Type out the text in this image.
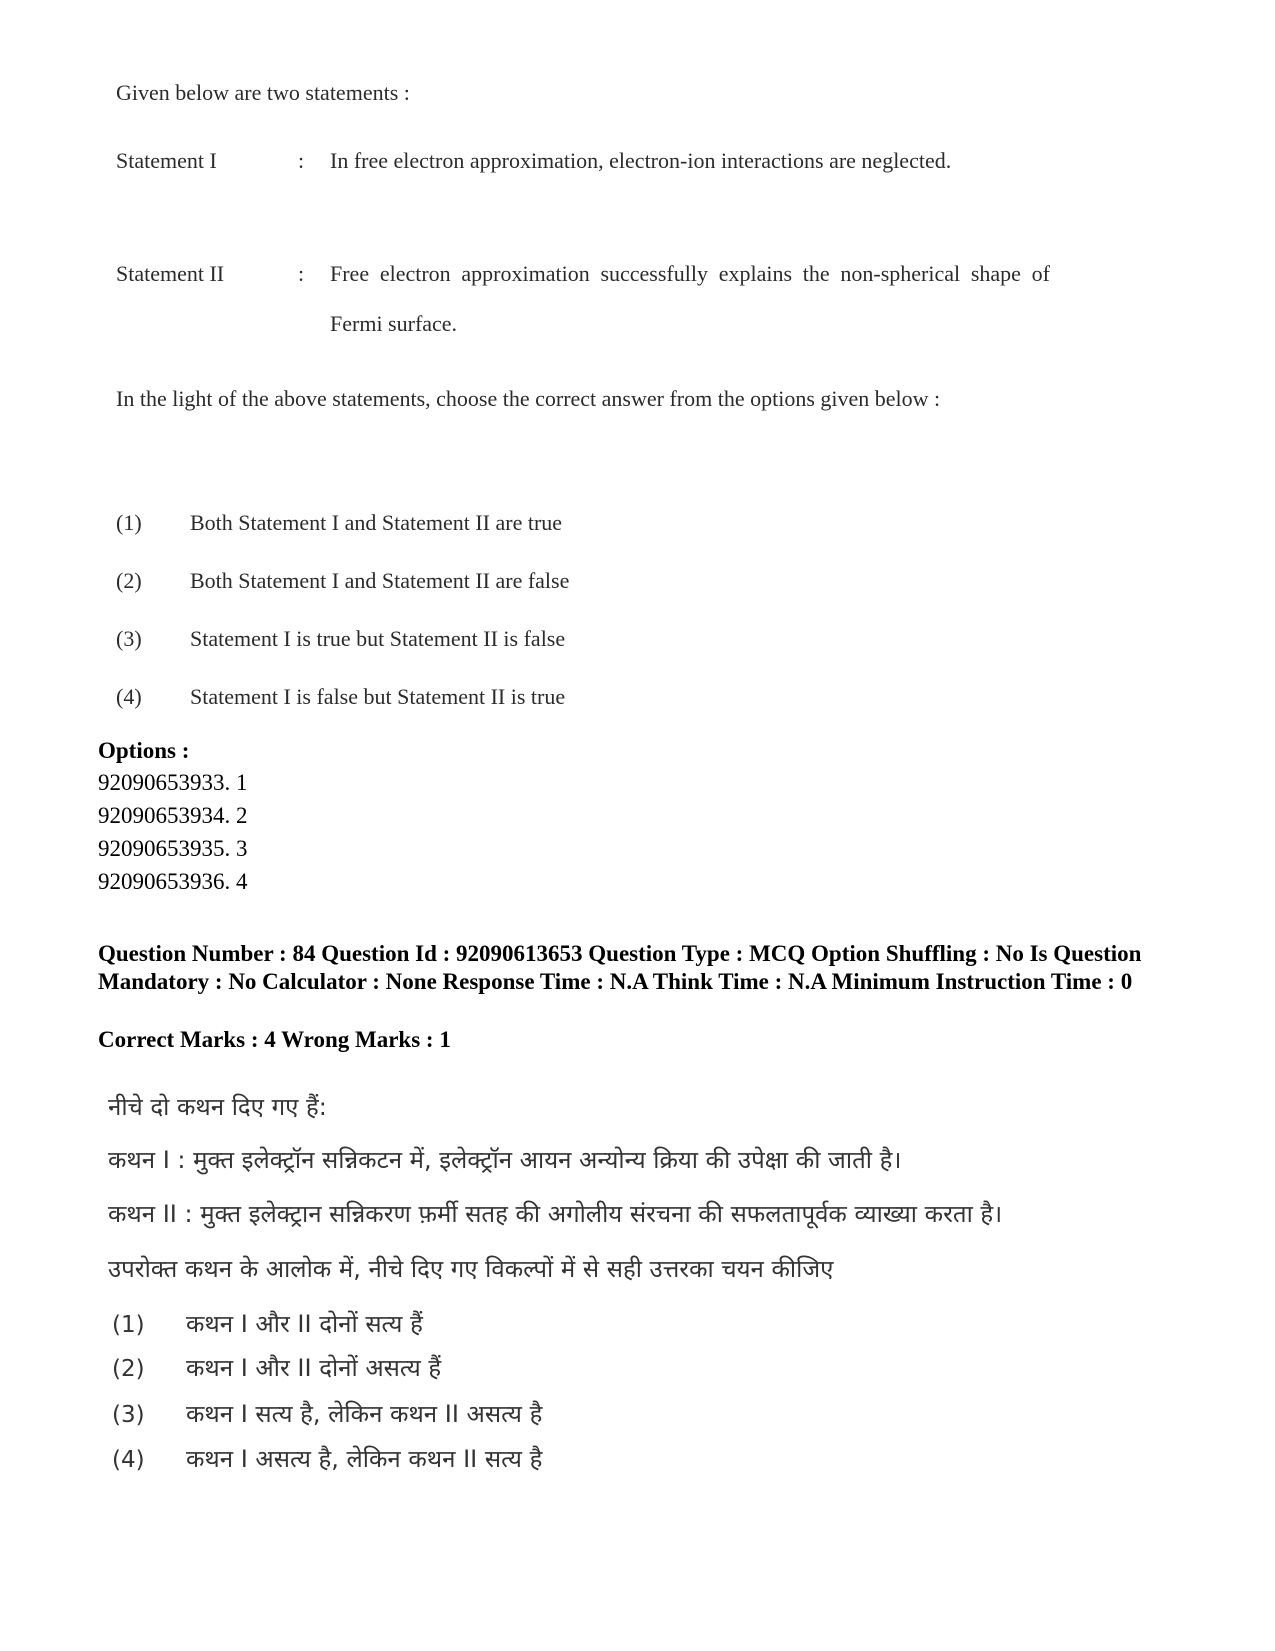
Given below are two statements :
Statement I	: In free electron approximation, electron-ion interactions are neglected.
Statement II	: Free electron approximation successfully explains the non-spherical shape of Fermi surface.
In the light of the above statements, choose the correct answer from the options given below :
(1) Both Statement I and Statement II are true
(2) Both Statement I and Statement II are false
(3) Statement I is true but Statement II is false
(4) Statement I is false but Statement II is true
Options :
92090653933. 1
92090653934. 2
92090653935. 3
92090653936. 4
Question Number : 84 Question Id : 92090613653 Question Type : MCQ Option Shuffling : No Is Question Mandatory : No Calculator : None Response Time : N.A Think Time : N.A Minimum Instruction Time : 0
Correct Marks : 4 Wrong Marks : 1
नीचे दो कथन दिए गए हैं:
कथन I : मुक्त इलेक्ट्रॉन सन्निकटन में, इलेक्ट्रॉन आयन अन्योन्य क्रिया की उपेक्षा की जाती है।
कथन II : मुक्त इलेक्ट्रान सन्निकरण फ़र्मी सतह की अगोलीय संरचना की सफलतापूर्वक व्याख्या करता है।
उपरोक्त कथन के आलोक में, नीचे दिए गए विकल्पों में से सही उत्तरका चयन कीजिए
(1) कथन I और II दोनों सत्य हैं
(2) कथन I और II दोनों असत्य हैं
(3) कथन I सत्य है, लेकिन कथन II असत्य है
(4) कथन I असत्य है, लेकिन कथन II सत्य है
